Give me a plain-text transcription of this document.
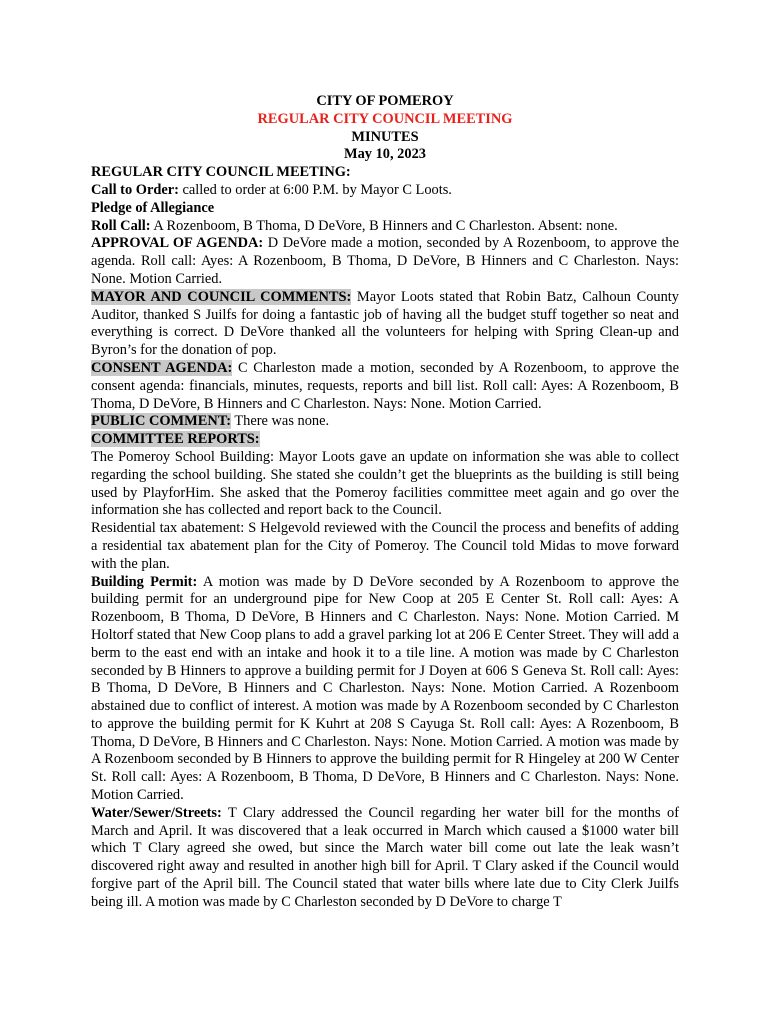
CITY OF POMEROY
REGULAR CITY COUNCIL MEETING
MINUTES
May 10, 2023

REGULAR CITY COUNCIL MEETING:

Call to Order: called to order at 6:00 P.M. by Mayor C Loots.

Pledge of Allegiance

Roll Call: A Rozenboom, B Thoma, D DeVore, B Hinners and C Charleston. Absent: none.

APPROVAL OF AGENDA: D DeVore made a motion, seconded by A Rozenboom, to approve the agenda. Roll call: Ayes: A Rozenboom, B Thoma, D DeVore, B Hinners and C Charleston. Nays: None. Motion Carried.

MAYOR AND COUNCIL COMMENTS: Mayor Loots stated that Robin Batz, Calhoun County Auditor, thanked S Juilfs for doing a fantastic job of having all the budget stuff together so neat and everything is correct. D DeVore thanked all the volunteers for helping with Spring Clean-up and Byron’s for the donation of pop.

CONSENT AGENDA: C Charleston made a motion, seconded by A Rozenboom, to approve the consent agenda: financials, minutes, requests, reports and bill list. Roll call: Ayes: A Rozenboom, B Thoma, D DeVore, B Hinners and C Charleston. Nays: None. Motion Carried.

PUBLIC COMMENT: There was none.

COMMITTEE REPORTS:

The Pomeroy School Building: Mayor Loots gave an update on information she was able to collect regarding the school building. She stated she couldn’t get the blueprints as the building is still being used by PlayforHim. She asked that the Pomeroy facilities committee meet again and go over the information she has collected and report back to the Council.

Residential tax abatement: S Helgevold reviewed with the Council the process and benefits of adding a residential tax abatement plan for the City of Pomeroy. The Council told Midas to move forward with the plan.

Building Permit: A motion was made by D DeVore seconded by A Rozenboom to approve the building permit for an underground pipe for New Coop at 205 E Center St. Roll call: Ayes: A Rozenboom, B Thoma, D DeVore, B Hinners and C Charleston. Nays: None. Motion Carried. M Holtorf stated that New Coop plans to add a gravel parking lot at 206 E Center Street. They will add a berm to the east end with an intake and hook it to a tile line. A motion was made by C Charleston seconded by B Hinners to approve a building permit for J Doyen at 606 S Geneva St. Roll call: Ayes: B Thoma, D DeVore, B Hinners and C Charleston. Nays: None. Motion Carried. A Rozenboom abstained due to conflict of interest. A motion was made by A Rozenboom seconded by C Charleston to approve the building permit for K Kuhrt at 208 S Cayuga St. Roll call: Ayes: A Rozenboom, B Thoma, D DeVore, B Hinners and C Charleston. Nays: None. Motion Carried. A motion was made by A Rozenboom seconded by B Hinners to approve the building permit for R Hingeley at 200 W Center St. Roll call: Ayes: A Rozenboom, B Thoma, D DeVore, B Hinners and C Charleston. Nays: None. Motion Carried.

Water/Sewer/Streets: T Clary addressed the Council regarding her water bill for the months of March and April. It was discovered that a leak occurred in March which caused a $1000 water bill which T Clary agreed she owed, but since the March water bill come out late the leak wasn’t discovered right away and resulted in another high bill for April. T Clary asked if the Council would forgive part of the April bill. The Council stated that water bills where late due to City Clerk Juilfs being ill. A motion was made by C Charleston seconded by D DeVore to charge T
